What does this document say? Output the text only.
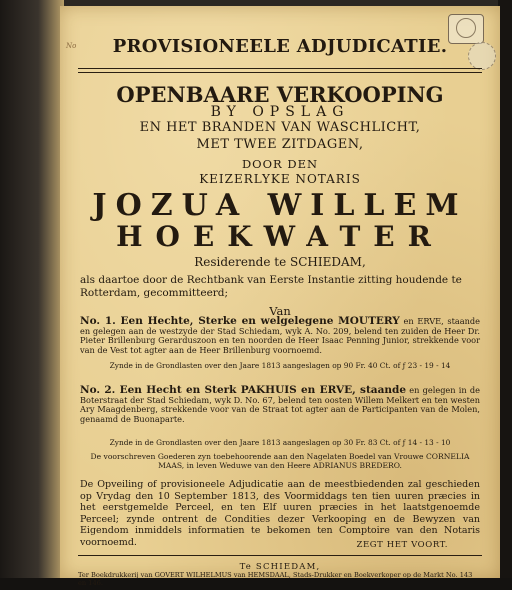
No	PROVISIONEELE ADJUDICATIE.
OPENBAARE VERKOOPING
BY OPSLAG
EN HET BRANDEN VAN WASCHLICHT,
MET TWEE ZITDAGEN,
DOOR DEN
KEIZERLYKE NOTARIS
JOZUA WILLEM
HOEKWATER
Residerende te SCHIEDAM,
als daartoe door de Rechtbank van Eerste Instantie zitting houdende te Rotterdam, gecommitteerd;
Van
No. 1. Een Hechte, Sterke en welgelegene MOUTERY en ERVE, staande en gelegen aan de westzyde der Stad Schiedam, wyk A. No. 209, belend ten zuiden de Heer Dr. Pieter Brillenburg Gerarduszoon en ten noorden de Heer Isaac Penning Junior, strekkende voor van de Vest tot agter aan de Heer Brillenburg voornoemd.
Zynde in de Grondlasten over den Jaare 1813 aangeslagen op 90 Fr. 40 Ct. of ƒ 23 - 19 - 14
No. 2. Een Hecht en Sterk PAKHUIS en ERVE, staande en gelegen in de Boterstraat der Stad Schiedam, wyk D. No. 67, belend ten oosten Willem Melkert en ten westen Ary Maagdenberg, strekkende voor van de Straat tot agter aan de Participanten van de Molen, genaamd de Buonaparte.
Zynde in de Grondlasten over den Jaare 1813 aangeslagen op 30 Fr. 83 Ct. of ƒ 14 - 13 - 10
De voorschreven Goederen zyn toebehoorende aan den Nagelaten Boedel van Vrouwe CORNELIA MAAS, in leven Weduwe van den Heere ADRIANUS BREDERO.
De Opveiling of provisioneele Adjudicatie aan de meestbiedenden zal geschieden op Vrydag den 10 September 1813, des Voormiddags ten tien uuren præcies in het eerstgemelde Perceel, en ten Elf uuren præcies in het laatstgenoemde Perceel; zynde ontrent de Condities dezer Verkooping en de Bewyzen van Eigendom inmiddels informatien te bekomen ten Comptoire van den Notaris voornoemd.	ZEGT HET VOORT.
Te SCHIEDAM,
Ter Boekdrukkerij van GOVERT WILHELMUS van HEMSDAAL, Stads-Drukker en Boekverkoper op de Markt No. 143 en 146.
